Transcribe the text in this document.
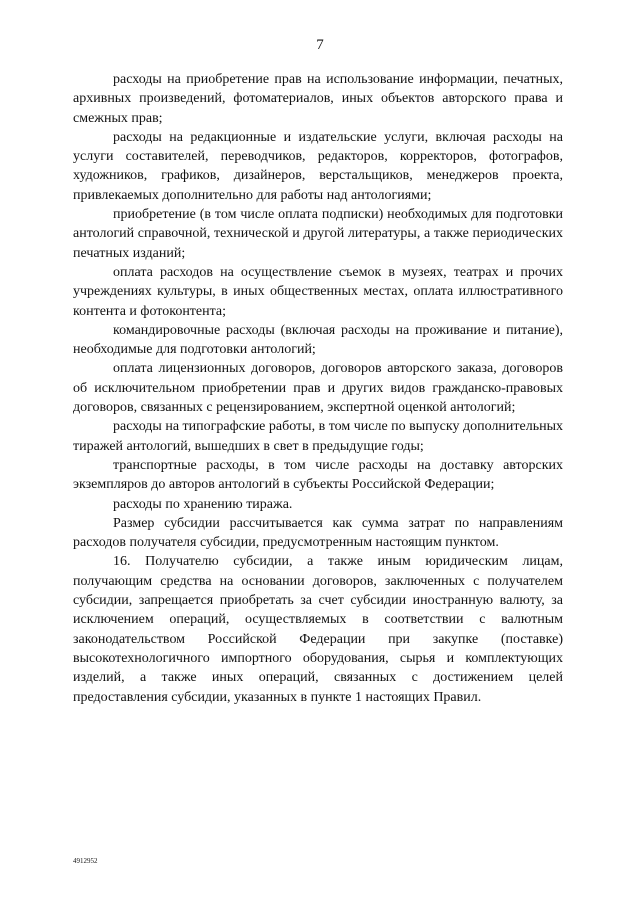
7

расходы на приобретение прав на использование информации, печатных, архивных произведений, фотоматериалов, иных объектов авторского права и смежных прав;

расходы на редакционные и издательские услуги, включая расходы на услуги составителей, переводчиков, редакторов, корректоров, фотографов, художников, графиков, дизайнеров, верстальщиков, менеджеров проекта, привлекаемых дополнительно для работы над антологиями;

приобретение (в том числе оплата подписки) необходимых для подготовки антологий справочной, технической и другой литературы, а также периодических печатных изданий;

оплата расходов на осуществление съемок в музеях, театрах и прочих учреждениях культуры, в иных общественных местах, оплата иллюстративного контента и фотоконтента;

командировочные расходы (включая расходы на проживание и питание), необходимые для подготовки антологий;

оплата лицензионных договоров, договоров авторского заказа, договоров об исключительном приобретении прав и других видов гражданско-правовых договоров, связанных с рецензированием, экспертной оценкой антологий;

расходы на типографские работы, в том числе по выпуску дополнительных тиражей антологий, вышедших в свет в предыдущие годы;

транспортные расходы, в том числе расходы на доставку авторских экземпляров до авторов антологий в субъекты Российской Федерации;

расходы по хранению тиража.

Размер субсидии рассчитывается как сумма затрат по направлениям расходов получателя субсидии, предусмотренным настоящим пунктом.

16. Получателю субсидии, а также иным юридическим лицам, получающим средства на основании договоров, заключенных с получателем субсидии, запрещается приобретать за счет субсидии иностранную валюту, за исключением операций, осуществляемых в соответствии с валютным законодательством Российской Федерации при закупке (поставке) высокотехнологичного импортного оборудования, сырья и комплектующих изделий, а также иных операций, связанных с достижением целей предоставления субсидии, указанных в пункте 1 настоящих Правил.

4912952
